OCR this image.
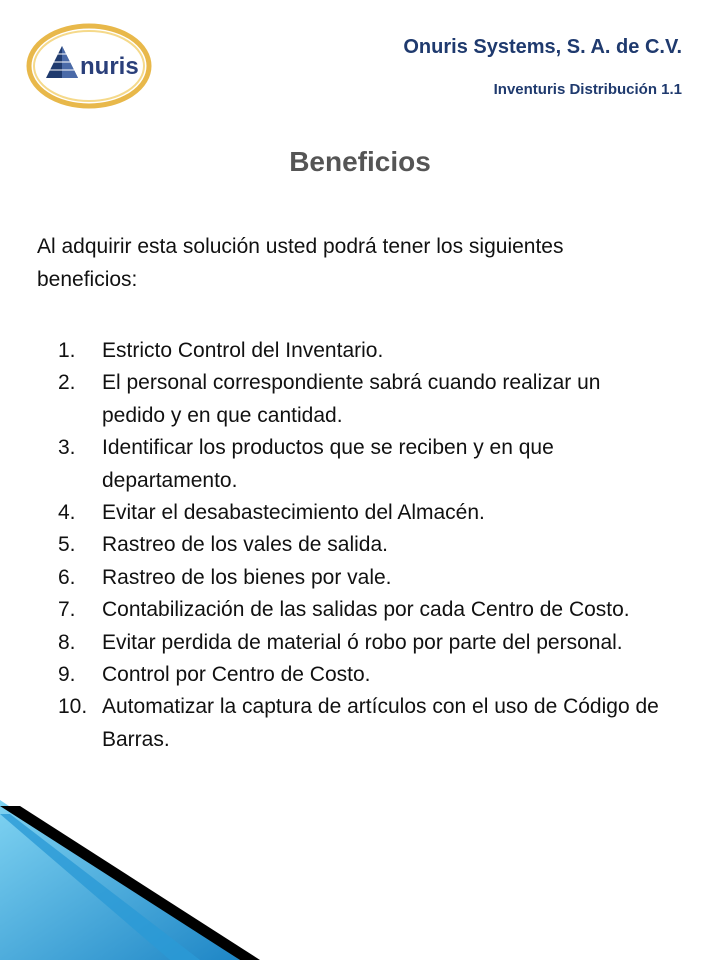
nuris
Onuris Systems, S. A. de C.V.
Inventuris Distribución 1.1
Beneficios

Al adquirir esta solución usted podrá tener los siguientes beneficios:

1.	Estricto Control del Inventario.
2.	El personal correspondiente sabrá cuando realizar un pedido y en que cantidad.
3.	Identificar los productos que se reciben y en que departamento.
4.	Evitar el desabastecimiento del Almacén.
5.	Rastreo de los vales de salida.
6.	Rastreo de los bienes por vale.
7.	Contabilización de las salidas por cada Centro de Costo.
8.	Evitar perdida de material ó robo por parte del personal.
9.	Control por Centro de Costo.
10. Automatizar la captura de artículos con el uso de Código de Barras.
